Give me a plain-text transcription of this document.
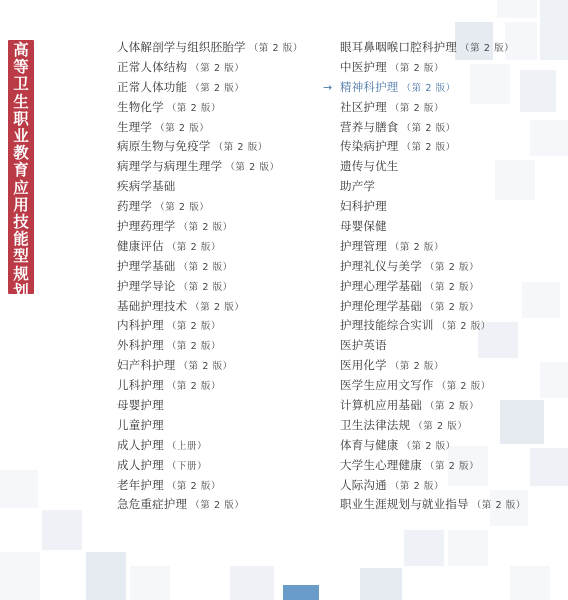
高
等
卫
生
职
业
教
育
应
用
技
能
型
规
划
教
材
人体解剖学与组织胚胎学 （第 2 版）
正常人体结构 （第 2 版）
正常人体功能 （第 2 版）
生物化学 （第 2 版）
生理学 （第 2 版）
病原生物与免疫学 （第 2 版）
病理学与病理生理学 （第 2 版）
疾病学基础
药理学 （第 2 版）
护理药理学 （第 2 版）
健康评估 （第 2 版）
护理学基础 （第 2 版）
护理学导论 （第 2 版）
基础护理技术 （第 2 版）
内科护理 （第 2 版）
外科护理 （第 2 版）
妇产科护理 （第 2 版）
儿科护理 （第 2 版）
母婴护理
儿童护理
成人护理 （上册）
成人护理 （下册）
老年护理 （第 2 版）
急危重症护理 （第 2 版）
眼耳鼻咽喉口腔科护理 （第 2 版）
中医护理 （第 2 版）
精神科护理 （第 2 版）
社区护理 （第 2 版）
营养与膳食 （第 2 版）
传染病护理 （第 2 版）
遗传与优生
助产学
妇科护理
母婴保健
护理管理 （第 2 版）
护理礼仪与美学 （第 2 版）
护理心理学基础 （第 2 版）
护理伦理学基础 （第 2 版）
护理技能综合实训 （第 2 版）
医护英语
医用化学 （第 2 版）
医学生应用文写作 （第 2 版）
计算机应用基础 （第 2 版）
卫生法律法规 （第 2 版）
体育与健康 （第 2 版）
大学生心理健康 （第 2 版）
人际沟通 （第 2 版）
职业生涯规划与就业指导 （第 2 版）
→
